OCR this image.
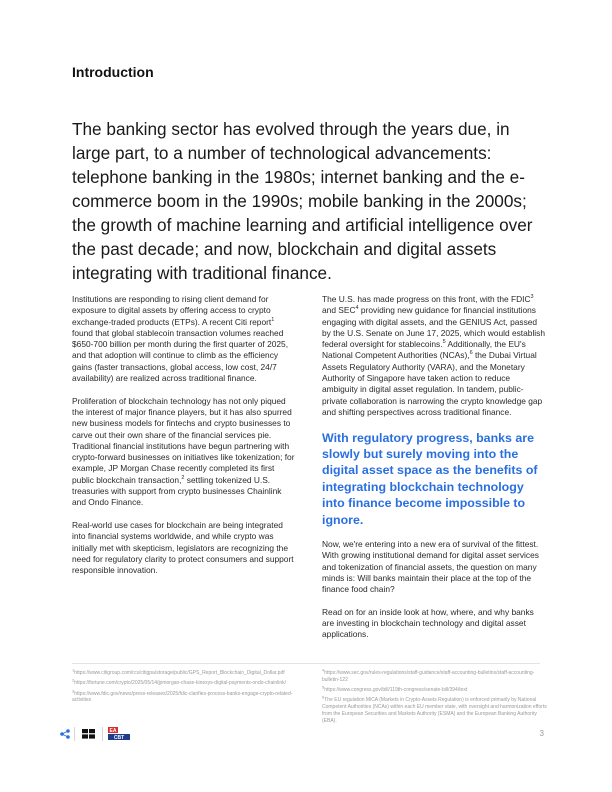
Introduction

The banking sector has evolved through the years due, in large part, to a number of technological advancements: telephone banking in the 1980s; internet banking and the e-commerce boom in the 1990s; mobile banking in the 2000s; the growth of machine learning and artificial intelligence over the past decade; and now, blockchain and digital assets integrating with traditional finance.

Institutions are responding to rising client demand for exposure to digital assets by offering access to crypto exchange-traded products (ETPs). A recent Citi report$^1$ found that global stablecoin transaction volumes reached $650-700 billion per month during the first quarter of 2025, and that adoption will continue to climb as the efficiency gains (faster transactions, global access, low cost, 24/7 availability) are realized across traditional finance.

Proliferation of blockchain technology has not only piqued the interest of major finance players, but it has also spurred new business models for fintechs and crypto businesses to carve out their own share of the financial services pie. Traditional financial institutions have begun partnering with crypto-forward businesses on initiatives like tokenization; for example, JP Morgan Chase recently completed its first public blockchain transaction,$^2$ settling tokenized U.S. treasuries with support from crypto businesses Chainlink and Ondo Finance.

Real-world use cases for blockchain are being integrated into financial systems worldwide, and while crypto was initially met with skepticism, legislators are recognizing the need for regulatory clarity to protect consumers and support responsible innovation.

The U.S. has made progress on this front, with the FDIC$^3$ and SEC$^4$ providing new guidance for financial institutions engaging with digital assets, and the GENIUS Act, passed by the U.S. Senate on June 17, 2025, which would establish federal oversight for stablecoins.$^5$ Additionally, the EU's National Competent Authorities (NCAs),$^6$ the Dubai Virtual Assets Regulatory Authority (VARA), and the Monetary Authority of Singapore have taken action to reduce ambiguity in digital asset regulation. In tandem, public-private collaboration is narrowing the crypto knowledge gap and shifting perspectives across traditional finance.

With regulatory progress, banks are slowly but surely moving into the digital asset space as the benefits of integrating blockchain technology into finance become impossible to ignore.

Now, we're entering into a new era of survival of the fittest. With growing institutional demand for digital asset services and tokenization of financial assets, the question on many minds is: Will banks maintain their place at the top of the finance food chain?

Read on for an inside look at how, where, and why banks are investing in blockchain technology and digital asset applications.

$^1$https://www.citigroup.com/rcs/citigpa/storage/public/GPS_Report_Blockchain_Digital_Dollar.pdf
$^2$https://fortune.com/crypto/2025/05/14/jpmorgan-chase-kinexys-digital-payments-ondo-chainlink/
$^3$https://www.fdic.gov/news/press-releases/2025/fdic-clarifies-process-banks-engage-crypto-related-activities
$^4$https://www.sec.gov/rules-regulations/staff-guidance/staff-accounting-bulletins/staff-accounting-bulletin-122
$^5$https://www.congress.gov/bill/119th-congress/senate-bill/394/text
$^6$The EU regulation MiCA (Markets in Crypto-Assets Regulation) is enforced primarily by National Competent Authorities (NCAs) within each EU member state, with oversight and harmonization efforts from the European Securities and Markets Authority (ESMA) and the European Banking Authority (EBA).
EA
CBT	3
